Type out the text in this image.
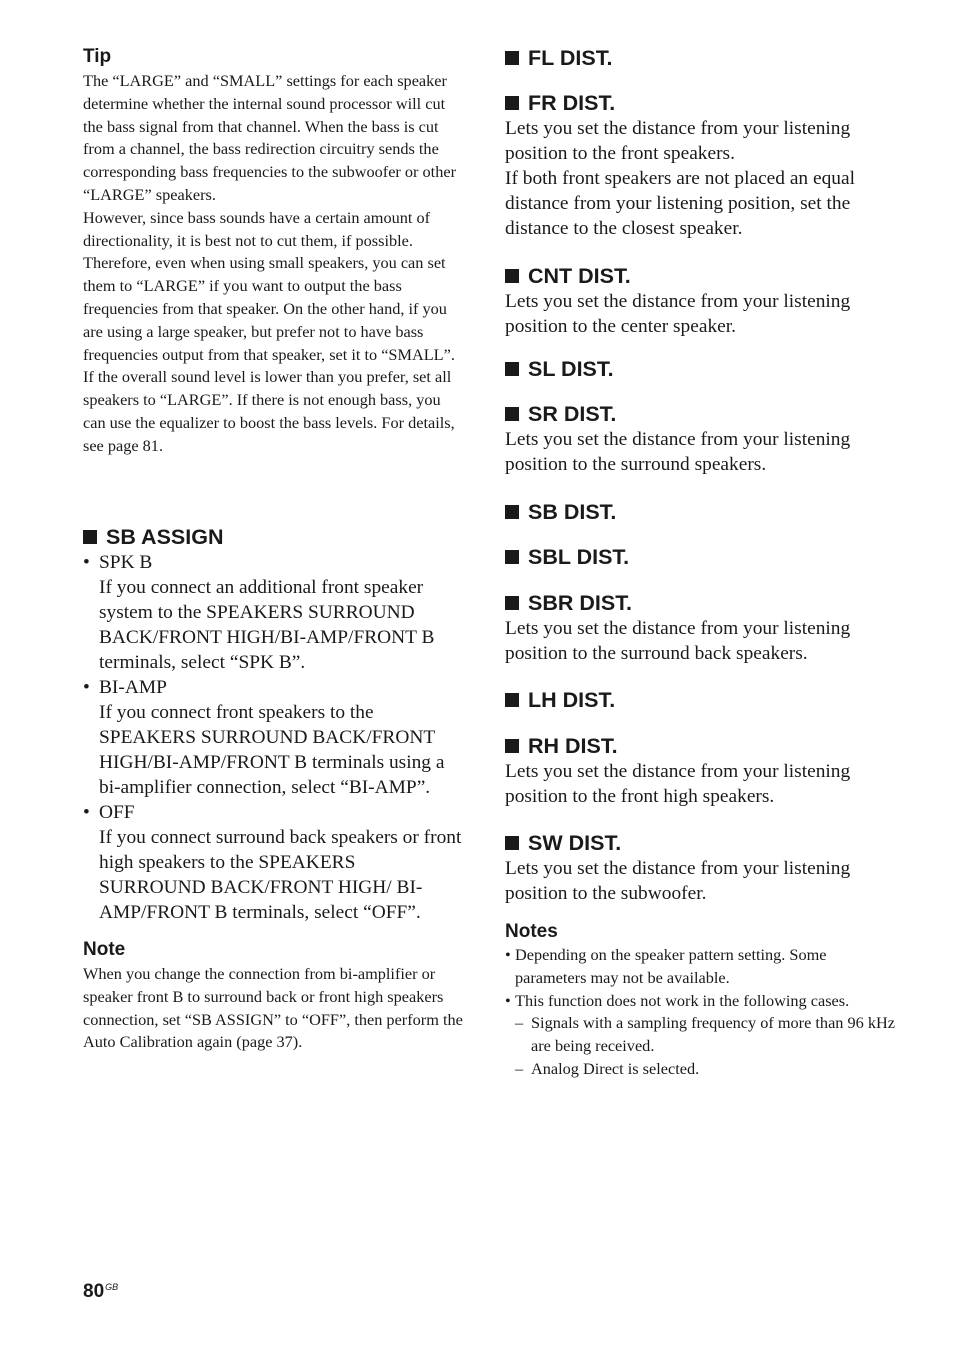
Tip

The “LARGE” and “SMALL” settings for each speaker determine whether the internal sound processor will cut the bass signal from that channel. When the bass is cut from a channel, the bass redirection circuitry sends the corresponding bass frequencies to the subwoofer or other “LARGE” speakers.

However, since bass sounds have a certain amount of directionality, it is best not to cut them, if possible. Therefore, even when using small speakers, you can set them to “LARGE” if you want to output the bass frequencies from that speaker. On the other hand, if you are using a large speaker, but prefer not to have bass frequencies output from that speaker, set it to “SMALL”.

If the overall sound level is lower than you prefer, set all speakers to “LARGE”. If there is not enough bass, you can use the equalizer to boost the bass levels. For details, see page 81.

SB ASSIGN
• SPK B

If you connect an additional front speaker system to the SPEAKERS SURROUND BACK/FRONT HIGH/BI-AMP/FRONT B terminals, select “SPK B”.

• BI-AMP

If you connect front speakers to the SPEAKERS SURROUND BACK/FRONT HIGH/BI-AMP/FRONT B terminals using a bi-amplifier connection, select “BI-AMP”.

• OFF

If you connect surround back speakers or front high speakers to the SPEAKERS SURROUND BACK/FRONT HIGH/ BI-AMP/FRONT B terminals, select “OFF”.

Note

When you change the connection from bi-amplifier or speaker front B to surround back or front high speakers connection, set “SB ASSIGN” to “OFF”, then perform the Auto Calibration again (page 37).

FL DIST.
FR DIST.

Lets you set the distance from your listening position to the front speakers.

If both front speakers are not placed an equal distance from your listening position, set the distance to the closest speaker.

CNT DIST.

Lets you set the distance from your listening position to the center speaker.

SL DIST.
SR DIST.

Lets you set the distance from your listening position to the surround speakers.

SB DIST.
SBL DIST.
SBR DIST.

Lets you set the distance from your listening position to the surround back speakers.

LH DIST.
RH DIST.

Lets you set the distance from your listening position to the front high speakers.

SW DIST.

Lets you set the distance from your listening position to the subwoofer.

Notes

• Depending on the speaker pattern setting. Some parameters may not be available.
• This function does not work in the following cases.
– Signals with a sampling frequency of more than 96 kHz are being received.
– Analog Direct is selected.
$80^{GB}$
